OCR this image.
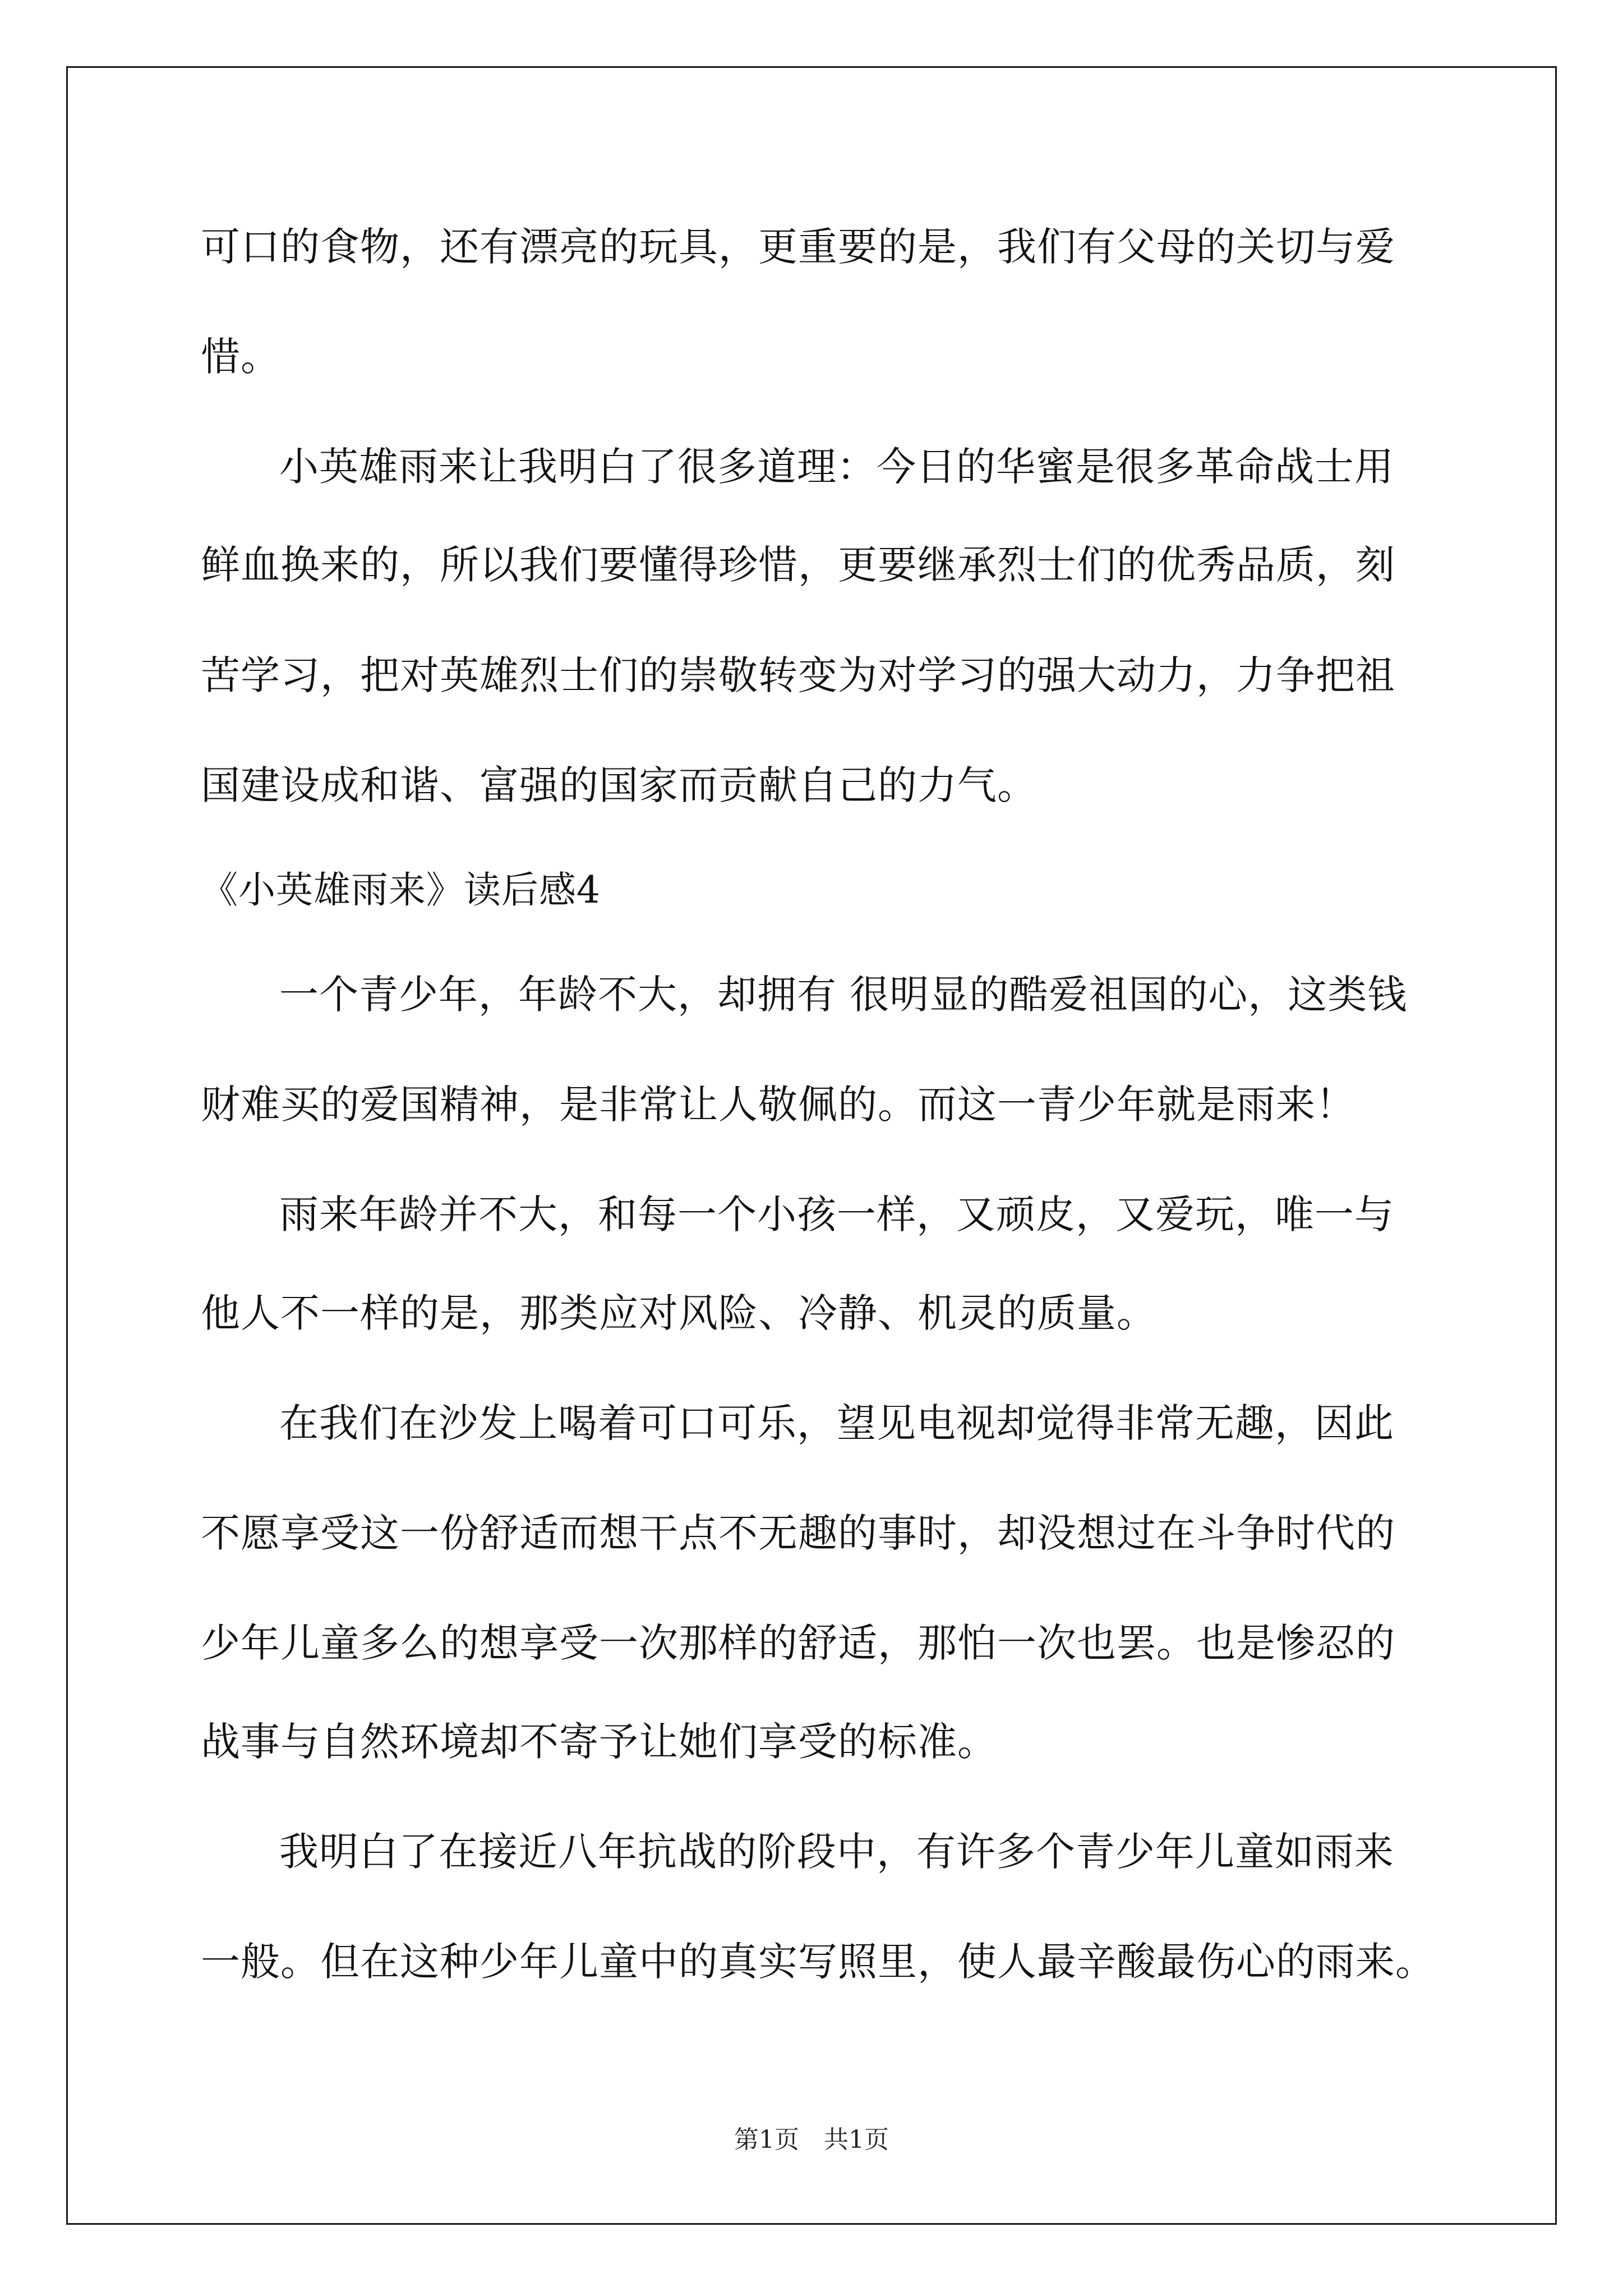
可口的食物，还有漂亮的玩具，更重要的是，我们有父母的关切与爱
惜。
小英雄雨来让我明白了很多道理：今日的华蜜是很多革命战士用
鲜血换来的，所以我们要懂得珍惜，更要继承烈士们的优秀品质，刻
苦学习，把对英雄烈士们的崇敬转变为对学习的强大动力，力争把祖
国建设成和谐、富强的国家而贡献自己的力气。
《小英雄雨来》读后感4
一个青少年，年龄不大，却拥有 很明显的酷爱祖国的心，这类钱
财难买的爱国精神，是非常让人敬佩的。而这一青少年就是雨来！
雨来年龄并不大，和每一个小孩一样，又顽皮，又爱玩，唯一与
他人不一样的是，那类应对风险、冷静、机灵的质量。
在我们在沙发上喝着可口可乐，望见电视却觉得非常无趣，因此
不愿享受这一份舒适而想干点不无趣的事时，却没想过在斗争时代的
少年儿童多么的想享受一次那样的舒适，那怕一次也罢。也是惨忍的
战事与自然环境却不寄予让她们享受的标准。
我明白了在接近八年抗战的阶段中，有许多个青少年儿童如雨来
一般。但在这种少年儿童中的真实写照里，使人最辛酸最伤心的雨来。
第1页　共1页
